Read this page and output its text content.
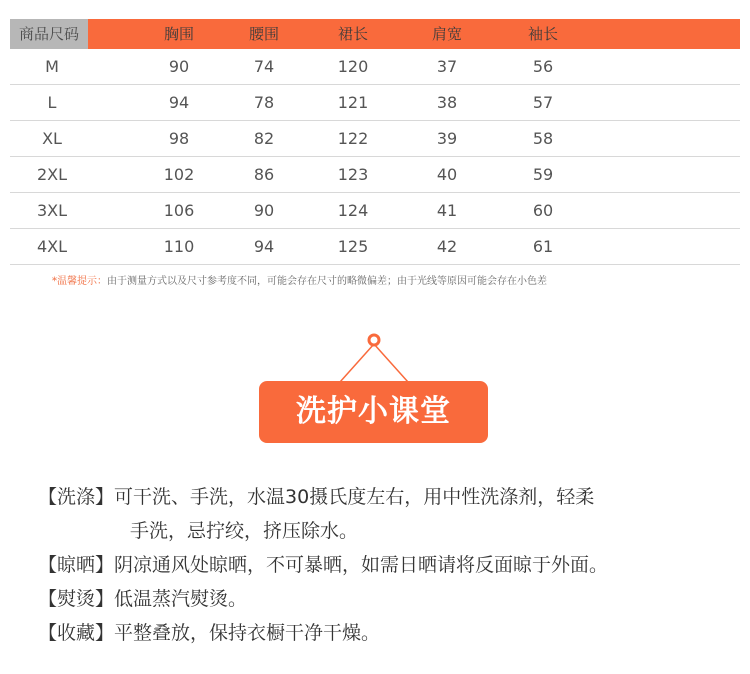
商品尺码	胸围	腰围	裙长	肩宽	袖长
M	90	74	120	37	56
L	94	78	121	38	57
XL	98	82	122	39	58
2XL	102	86	123	40	59
3XL	106	90	124	41	60
4XL	110	94	125	42	61
*温馨提示：由于测量方式以及尺寸参考度不同，可能会存在尺寸的略微偏差；由于光线等原因可能会存在小色差
洗护小课堂
【洗涤】可干洗、手洗，水温30摄氏度左右，用中性洗涤剂，轻柔
手洗，忌拧绞，挤压除水。
【晾晒】阴凉通风处晾晒，不可暴晒，如需日晒请将反面晾于外面。
【熨烫】低温蒸汽熨烫。
【收藏】平整叠放，保持衣橱干净干燥。
